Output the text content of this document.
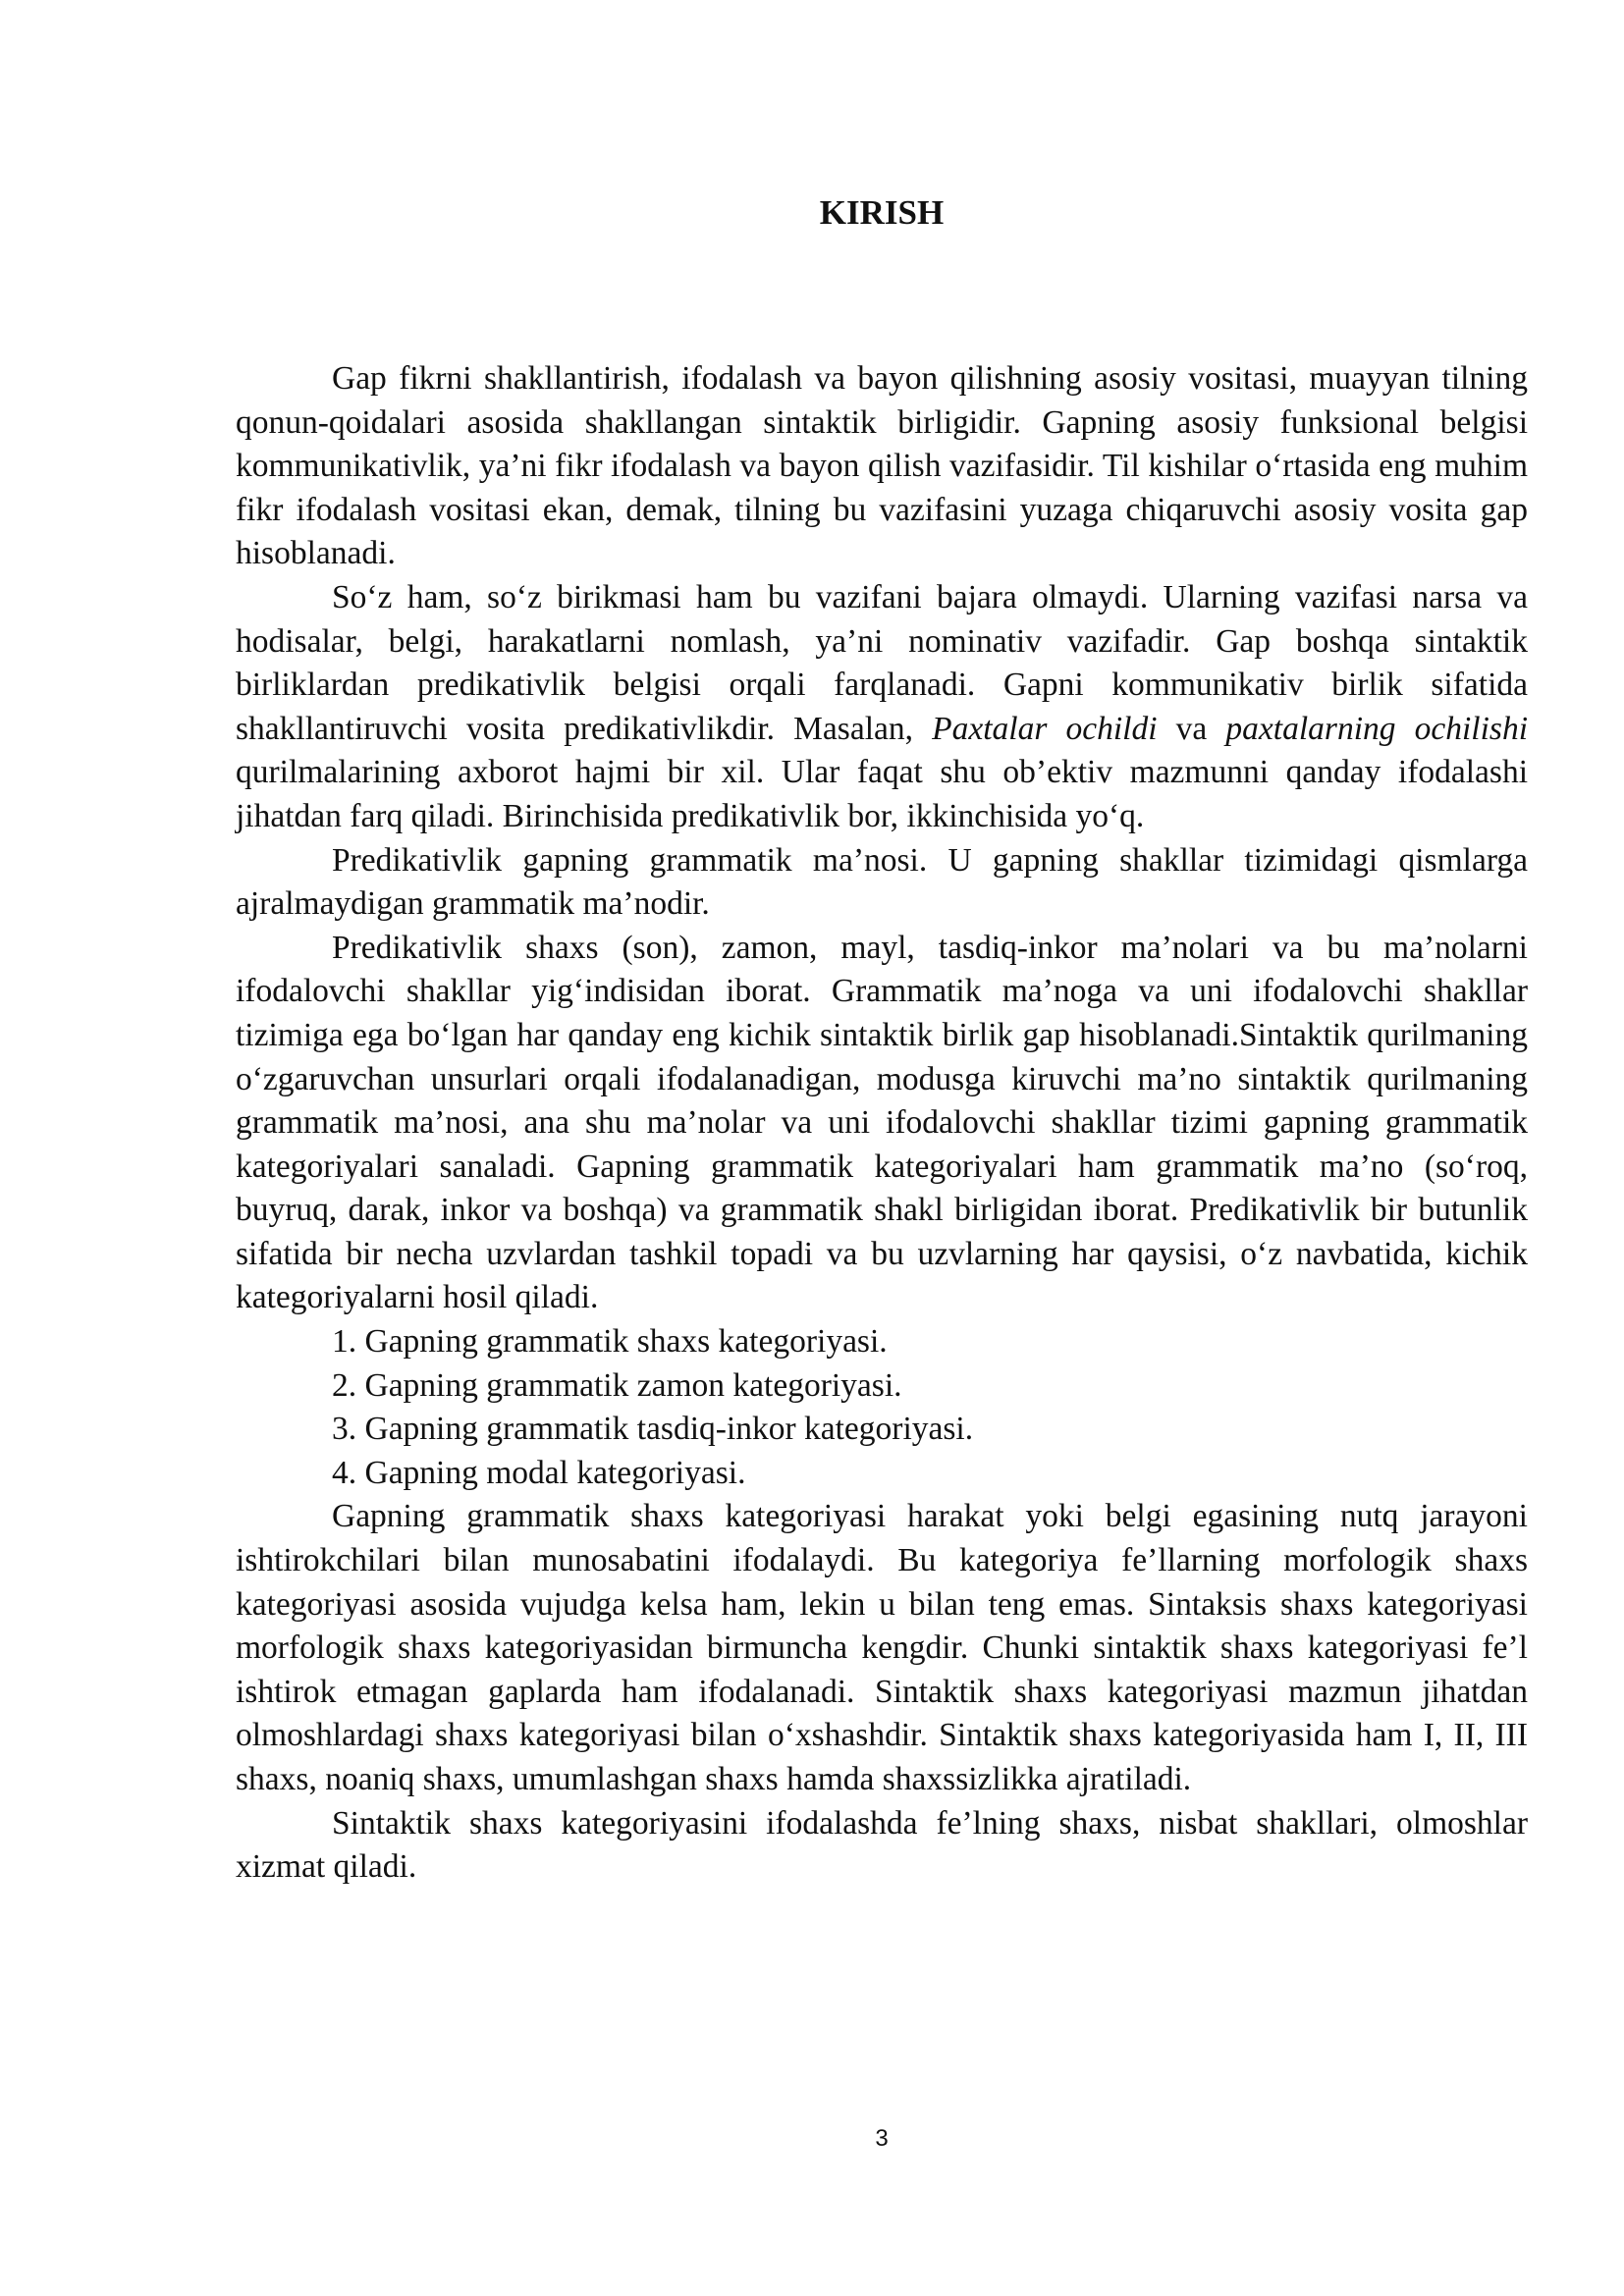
KIRISH

Gap fikrni shakllantirish, ifodalash va bayon qilishning asosiy vositasi, muayyan tilning qonun-qoidalari asosida shakllangan sintaktik birligidir. Gapning asosiy funksional belgisi kommunikativlik, ya’ni fikr ifodalash va bayon qilish vazifasidir. Til kishilar o‘rtasida eng muhim fikr ifodalash vositasi ekan, demak, tilning bu vazifasini yuzaga chiqaruvchi asosiy vosita gap hisoblanadi.

So‘z ham, so‘z birikmasi ham bu vazifani bajara olmaydi. Ularning vazifasi narsa va hodisalar, belgi, harakatlarni nomlash, ya’ni nominativ vazifadir. Gap boshqa sintaktik birliklardan predikativlik belgisi orqali farqlanadi. Gapni kommunikativ birlik sifatida shakllantiruvchi vosita predikativlikdir. Masalan, Paxtalar ochildi va paxtalarning ochilishi qurilmalarining axborot hajmi bir xil. Ular faqat shu ob’ektiv mazmunni qanday ifodalashi jihatdan farq qiladi. Birinchisida predikativlik bor, ikkinchisida yo‘q.

Predikativlik gapning grammatik ma’nosi. U gapning shakllar tizimidagi qismlarga ajralmaydigan grammatik ma’nodir.

Predikativlik shaxs (son), zamon, mayl, tasdiq-inkor ma’nolari va bu ma’nolarni ifodalovchi shakllar yig‘indisidan iborat. Grammatik ma’noga va uni ifodalovchi shakllar tizimiga ega bo‘lgan har qanday eng kichik sintaktik birlik gap hisoblanadi.Sintaktik qurilmaning o‘zgaruvchan unsurlari orqali ifodalanadigan, modusga kiruvchi ma’no sintaktik qurilmaning grammatik ma’nosi, ana shu ma’nolar va uni ifodalovchi shakllar tizimi gapning grammatik kategoriyalari sanaladi. Gapning grammatik kategoriyalari ham grammatik ma’no (so‘roq, buyruq, darak, inkor va boshqa) va grammatik shakl birligidan iborat. Predikativlik bir butunlik sifatida bir necha uzvlardan tashkil topadi va bu uzvlarning har qaysisi, o‘z navbatida, kichik kategoriyalarni hosil qiladi.

1. Gapning grammatik shaxs kategoriyasi.

2. Gapning grammatik zamon kategoriyasi.

3. Gapning grammatik tasdiq-inkor kategoriyasi.

4. Gapning modal kategoriyasi.

Gapning grammatik shaxs kategoriyasi harakat yoki belgi egasining nutq jarayoni ishtirokchilari bilan munosabatini ifodalaydi. Bu kategoriya fe’llarning morfologik shaxs kategoriyasi asosida vujudga kelsa ham, lekin u bilan teng emas. Sintaksis shaxs kategoriyasi morfologik shaxs kategoriyasidan birmuncha kengdir. Chunki sintaktik shaxs kategoriyasi fe’l ishtirok etmagan gaplarda ham ifodalanadi. Sintaktik shaxs kategoriyasi mazmun jihatdan olmoshlardagi shaxs kategoriyasi bilan o‘xshashdir. Sintaktik shaxs kategoriyasida ham I, II, III shaxs, noaniq shaxs, umumlashgan shaxs hamda shaxssizlikka ajratiladi.

Sintaktik shaxs kategoriyasini ifodalashda fe’lning shaxs, nisbat shakllari, olmoshlar xizmat qiladi.

3
